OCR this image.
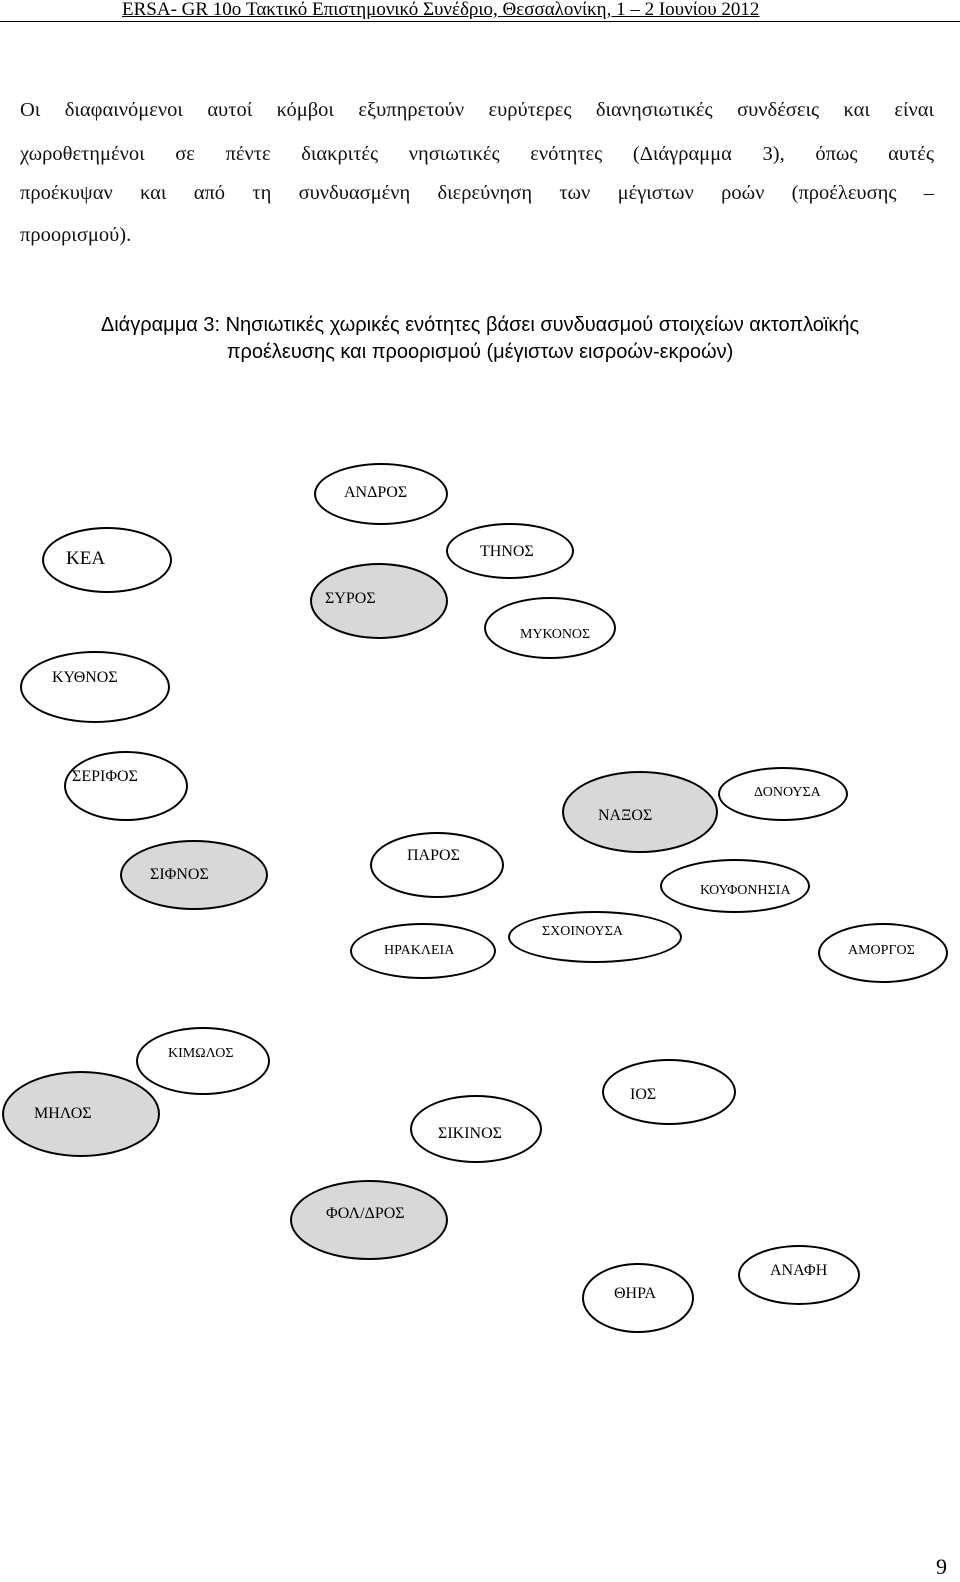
ERSA- GR 10o Τακτικό Επιστημονικό Συνέδριο, Θεσσαλονίκη, 1 – 2 Ιουνίου 2012
Οι διαφαινόμενοι αυτοί κόμβοι εξυπηρετούν ευρύτερες διανησιωτικές συνδέσεις και είναι
χωροθετημένοι σε πέντε διακριτές νησιωτικές ενότητες (Διάγραμμα 3), όπως αυτές
προέκυψαν και από τη συνδυασμένη διερεύνηση των μέγιστων ροών (προέλευσης –
προορισμού).
Διάγραμμα 3: Νησιωτικές χωρικές ενότητες βάσει συνδυασμού στοιχείων ακτοπλοϊκής
προέλευσης και προορισμού (μέγιστων εισροών-εκροών)
ΑΝΔΡΟΣ
ΚΕΑ	ΤΗΝΟΣ
ΣΥΡΟΣ
ΜΥΚΟΝΟΣ
ΚΥΘΝΟΣ
ΣΕΡΙΦΟΣ
ΔΟΝΟΥΣΑ
ΝΑΞΟΣ
ΣΙΦΝΟΣ
ΠΑΡΟΣ
ΚΟΥΦΟΝΗΣΙΑ
ΣΧΟΙΝΟΥΣΑ
ΗΡΑΚΛΕΙΑ	ΑΜΟΡΓΟΣ
ΚΙΜΩΛΟΣ
ΜΗΛΟΣ
ΙΟΣ
ΣΙΚΙΝΟΣ
ΦΟΛ/ΔΡΟΣ
ΑΝΑΦΗ
ΘΗΡΑ
9
